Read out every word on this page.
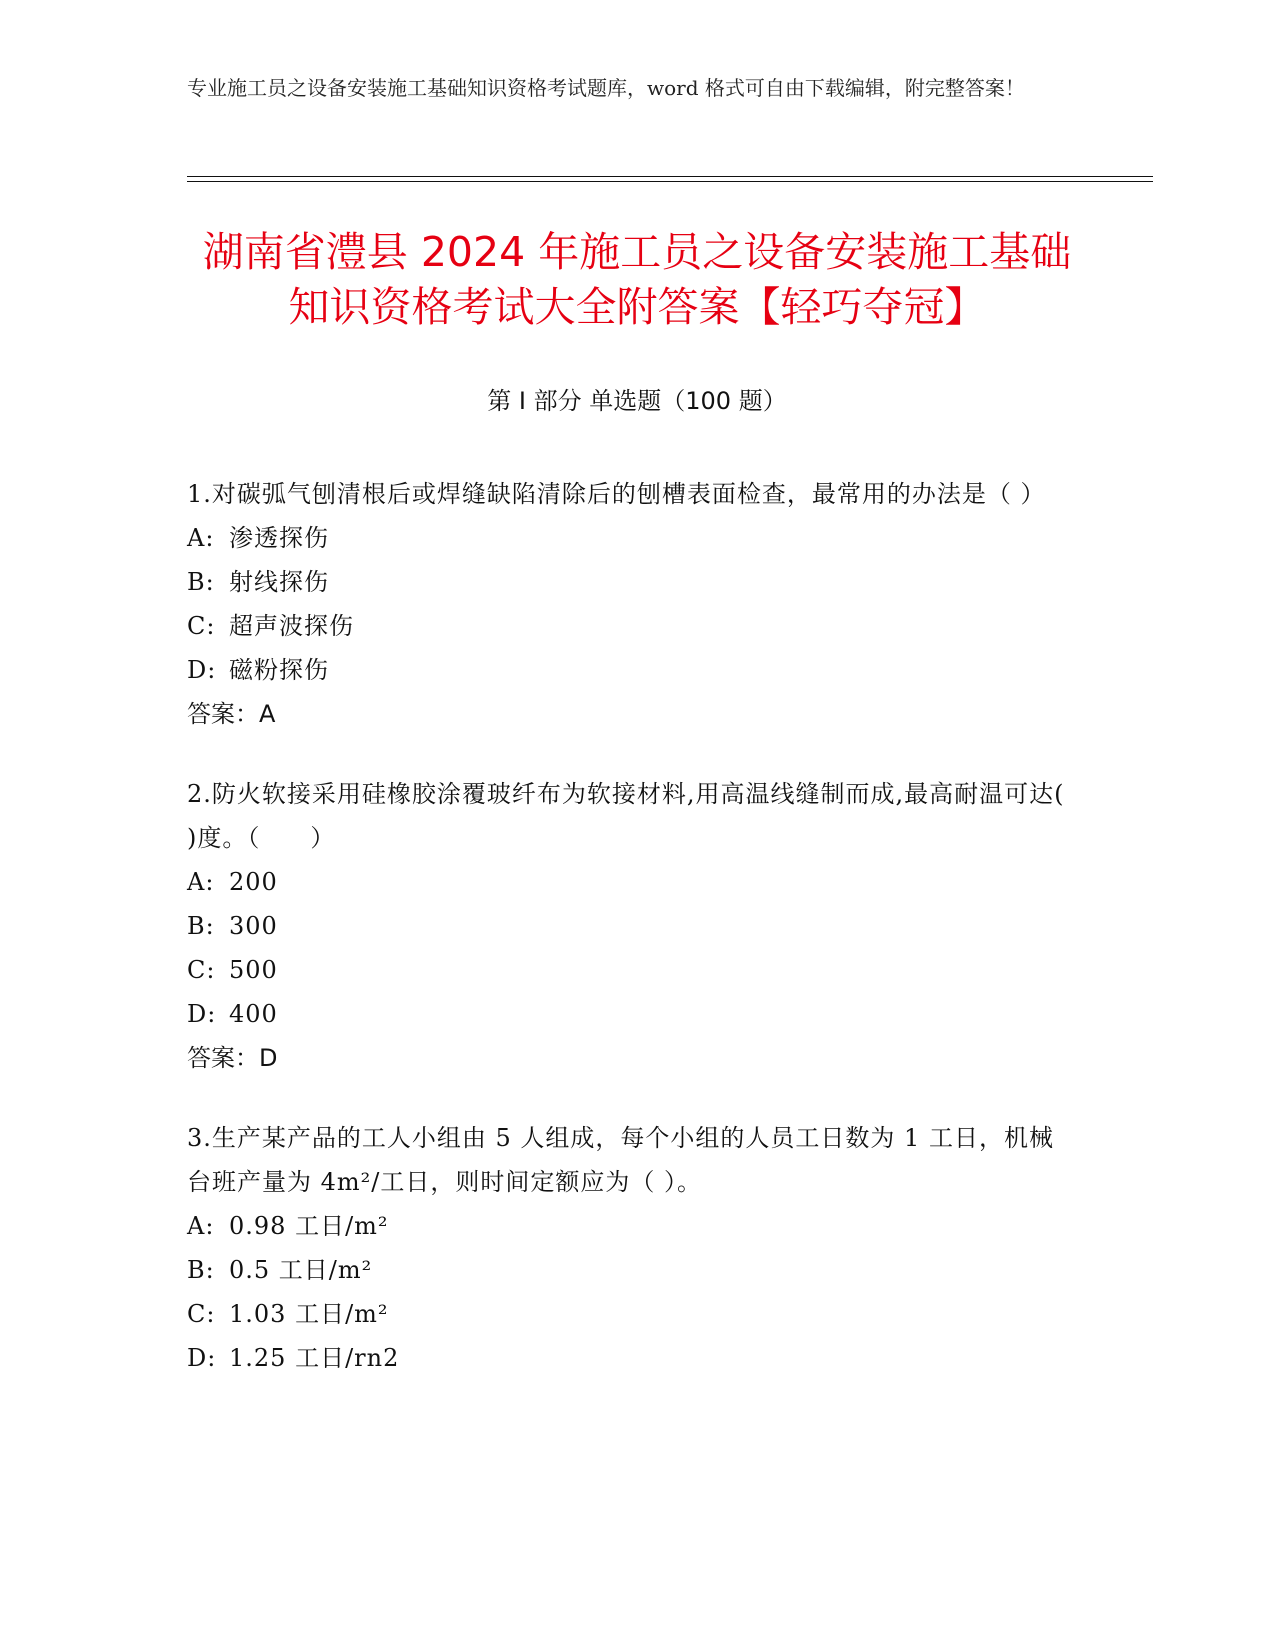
专业施工员之设备安装施工基础知识资格考试题库，word 格式可自由下载编辑，附完整答案！
湖南省澧县 2024 年施工员之设备安装施工基础知识资格考试大全附答案【轻巧夺冠】
第 I 部分 单选题（100 题）

1.对碳弧气刨清根后或焊缝缺陷清除后的刨槽表面检查，最常用的办法是（ ）

A: 渗透探伤

B: 射线探伤

C: 超声波探伤

D: 磁粉探伤

答案：A

2.防火软接采用硅橡胶涂覆玻纤布为软接材料,用高温线缝制而成,最高耐温可达( )度。（　　）

A: 200

B: 300

C: 500

D: 400

答案：D

3.生产某产品的工人小组由 5 人组成，每个小组的人员工日数为 1 工日，机械台班产量为 4m²/工日，则时间定额应为（ ）。

A: 0.98 工日/m²

B: 0.5 工日/m²

C: 1.03 工日/m²

D: 1.25 工日/rn2
